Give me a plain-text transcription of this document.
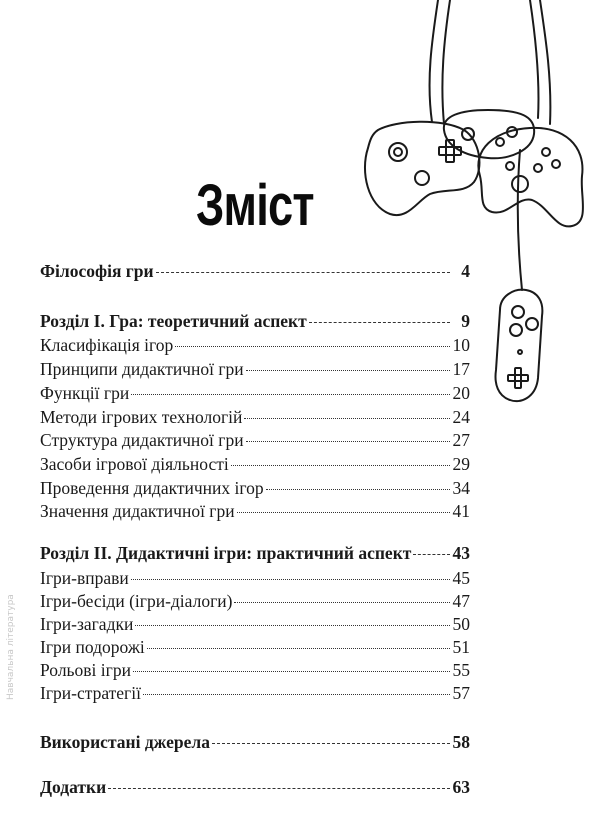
Зміст
Філософія гри	4
Розділ І. Гра: теоретичний аспект	9
Класифікація ігор	10
Принципи дидактичної гри	17
Функції гри	20
Методи ігрових технологій	24
Структура дидактичної гри	27
Засоби ігрової діяльності	29
Проведення дидактичних ігор	34
Значення дидактичної гри	41
Розділ ІІ. Дидактичні ігри: практичний аспект 43
Ігри-вправи	45
Ігри-бесіди (ігри-діалоги)	47
Ігри-загадки	50
Ігри подорожі	51
Рольові ігри	55
Ігри-стратегії	57
Використані джерела	58
Додатки	63
Навчальна література
